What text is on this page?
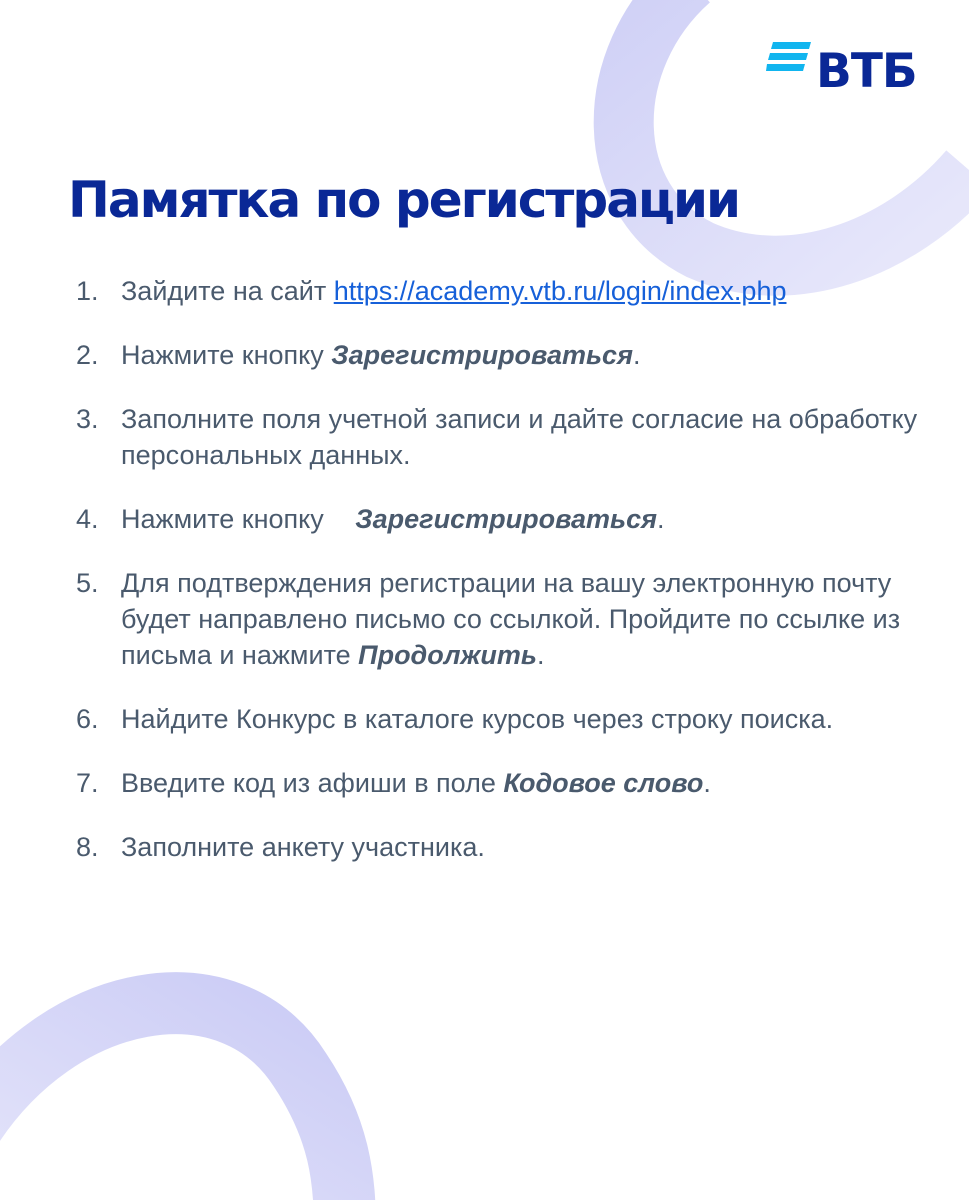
ВТБ
Памятка по регистрации
1. Зайдите на сайт https://academy.vtb.ru/login/index.php
2. Нажмите кнопку Зарегистрироваться.
3. Заполните поля учетной записи и дайте согласие на обработку персональных данных.
4. Нажмите кнопку Зарегистрироваться.
5. Для подтверждения регистрации на вашу электронную почту будет направлено письмо со ссылкой. Пройдите по ссылке из письма и нажмите Продолжить.
6. Найдите Конкурс в каталоге курсов через строку поиска.
7. Введите код из афиши в поле Кодовое слово.
8. Заполните анкету участника.
